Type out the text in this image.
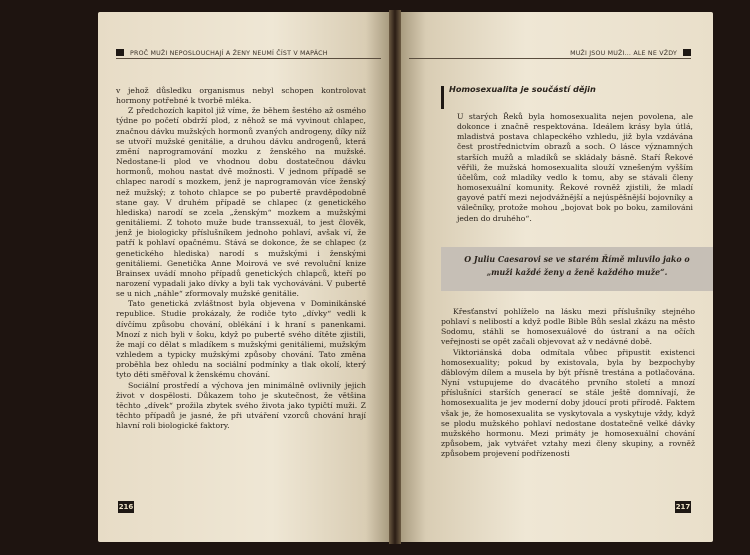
PROČ MUŽI NEPOSLOUCHAJÍ A ŽENY NEUMÍ ČÍST V MAPÁCH

v jehož důsledku organismus nebyl schopen kontrolovat hormony potřebné k tvorbě mléka.

Z předchozích kapitol již víme, že během šestého až osmého týdne po početí obdrží plod, z něhož se má vyvinout chlapec, značnou dávku mužských hormonů zvaných androgeny, díky níž se utvoří mužské genitálie, a druhou dávku androgenů, která změní naprogramování mozku z ženského na mužské. Nedostane-li plod ve vhodnou dobu dostatečnou dávku hormonů, mohou nastat dvě možnosti. V jednom případě se chlapec narodí s mozkem, jenž je naprogramován více ženský než mužský; z tohoto chlapce se po pubertě pravděpodobně stane gay. V druhém případě se chlapec (z genetického hlediska) narodí se zcela „ženským“ mozkem a mužskými genitáliemi. Z tohoto muže bude transsexuál, to jest člověk, jenž je biologicky příslušníkem jednoho pohlaví, avšak ví, že patří k pohlaví opačnému. Stává se dokonce, že se chlapec (z genetického hlediska) narodí s mužskými i ženskými genitáliemi. Genetička Anne Moirová ve své revoluční knize Brainsex uvádí mnoho případů genetických chlapců, kteří po narození vypadali jako dívky a byli tak vychováváni. V pubertě se u nich „náhle“ zformovaly mužské genitálie.

Tato genetická zvláštnost byla objevena v Dominikánské republice. Studie prokázaly, že rodiče tyto „dívky“ vedli k dívčímu způsobu chování, oblékání i k hraní s panenkami. Mnozí z nich byli v šoku, když po pubertě svého dítěte zjistili, že mají co dělat s mladíkem s mužskými genitáliemi, mužským vzhledem a typicky mužskými způsoby chování. Tato změna proběhla bez ohledu na sociální podmínky a tlak okolí, který tyto děti směřoval k ženskému chování.

Sociální prostředí a výchova jen minimálně ovlivnily jejich život v dospělosti. Důkazem toho je skutečnost, že většina těchto „dívek“ prožila zbytek svého života jako typičtí muži. Z těchto případů je jasné, že při utváření vzorců chování hrají hlavní roli biologické faktory.

216
MUŽI JSOU MUŽI... ALE NE VŽDY
Homosexualita je součástí dějin

U starých Řeků byla homosexualita nejen povolena, ale dokonce i značně respektována. Ideálem krásy byla útlá, mladistvá postava chlapeckého vzhledu, již byla vzdávána čest prostřednictvím obrazů a soch. O lásce významných starších mužů a mladíků se skládaly básně. Staří Řekové věřili, že mužská homosexualita slouží vznešeným vyšším účelům, což mladíky vedlo k tomu, aby se stávali členy homosexuální komunity. Řekové rovněž zjistili, že mladí gayové patří mezi nejodvážnější a nejúspěšnější bojovníky a válečníky, protože mohou „bojovat bok po boku, zamilováni jeden do druhého“.

O Juliu Caesarovi se ve starém Římě mluvilo jako o „muži každé ženy a ženě každého muže“.

Křesťanství pohlíželo na lásku mezi příslušníky stejného pohlaví s nelibostí a když podle Bible Bůh seslal zkázu na město Sodomu, stáhli se homosexuálové do ústraní a na očích veřejnosti se opět začali objevovat až v nedávné době.

Viktoriánská doba odmítala vůbec připustit existenci homosexuality; pokud by existovala, byla by bezpochyby ďáblovým dílem a musela by být přísně trestána a potlačována. Nyní vstupujeme do dvacátého prvního století a mnozí příslušníci starších generací se stále ještě domnívají, že homosexualita je jev moderní doby jdoucí proti přírodě. Faktem však je, že homosexualita se vyskytovala a vyskytuje vždy, když se plodu mužského pohlaví nedostane dostatečně velké dávky mužského hormonu. Mezi primáty je homosexuální chování způsobem, jak vytvářet vztahy mezi členy skupiny, a rovněž způsobem projevení podřízenosti

217
